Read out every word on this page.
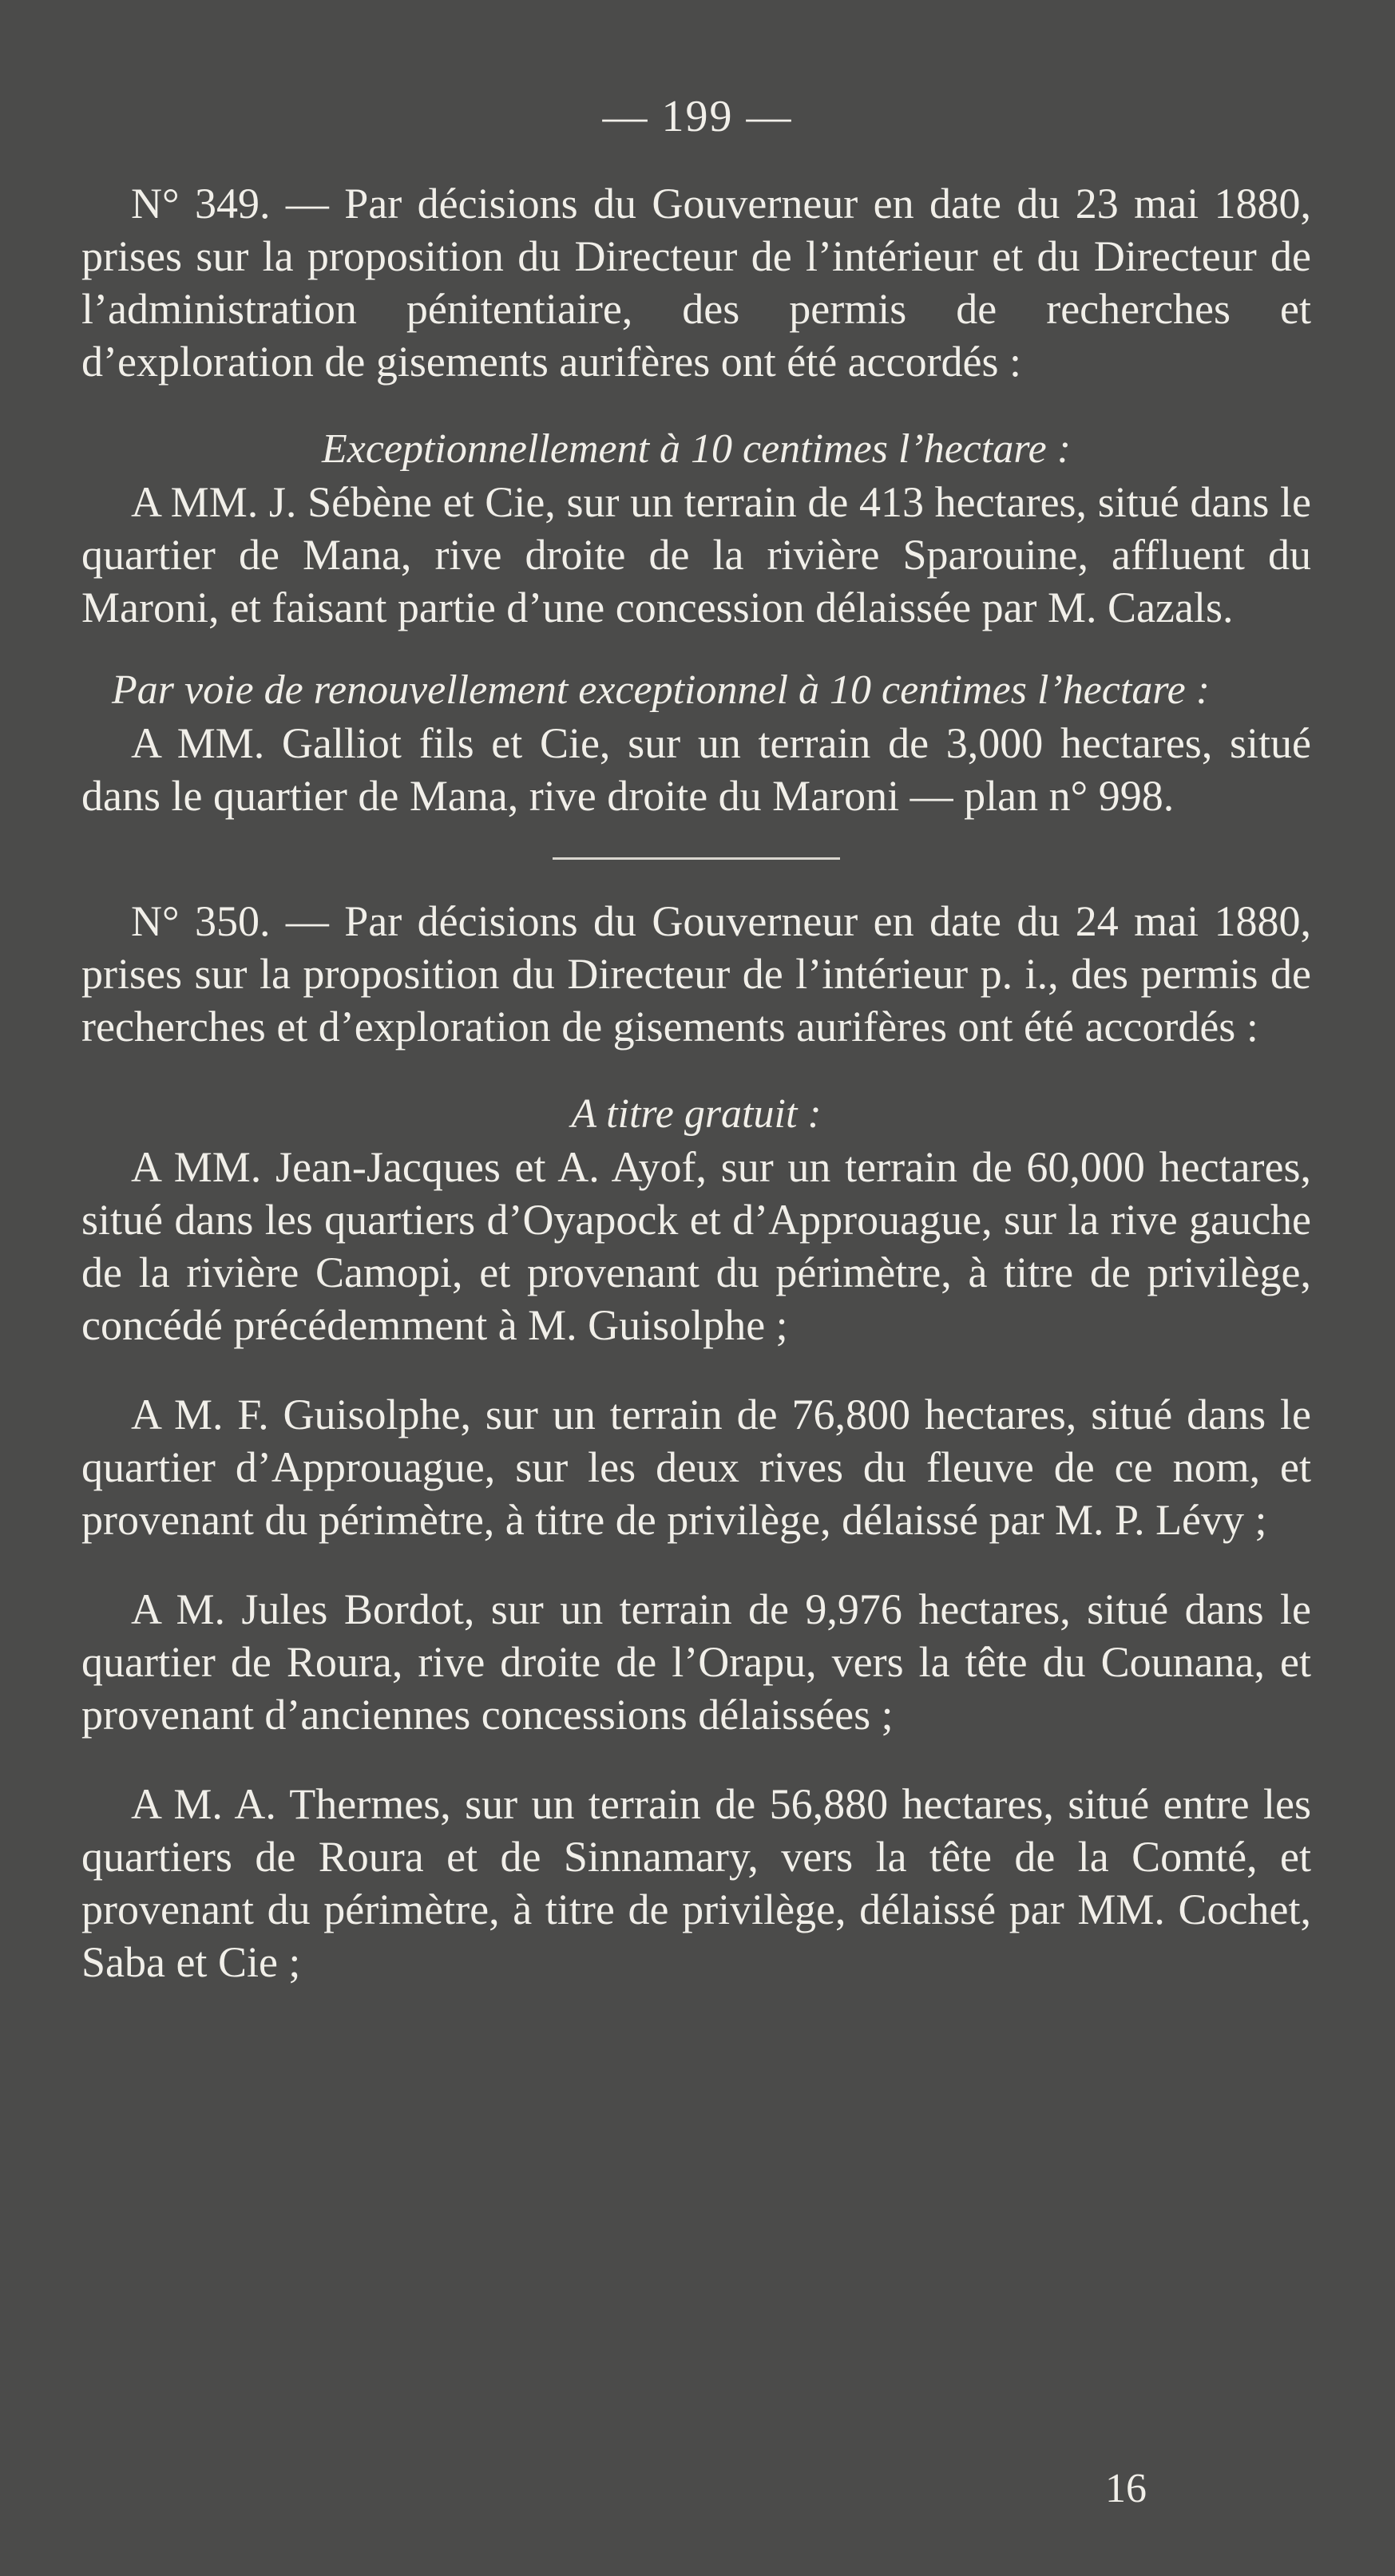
— 199 —

N° 349. — Par décisions du Gouverneur en date du 23 mai 1880, prises sur la proposition du Directeur de l’intérieur et du Directeur de l’administration pénitentiaire, des permis de recherches et d’exploration de gisements aurifères ont été accordés :

Exceptionnellement à 10 centimes l’hectare :

A MM. J. Sébène et Cie, sur un terrain de 413 hectares, situé dans le quartier de Mana, rive droite de la rivière Sparouine, affluent du Maroni, et faisant partie d’une concession délaissée par M. Cazals.

Par voie de renouvellement exceptionnel à 10 centimes l’hectare :

A MM. Galliot fils et Cie, sur un terrain de 3,000 hectares, situé dans le quartier de Mana, rive droite du Maroni — plan n° 998.

N° 350. — Par décisions du Gouverneur en date du 24 mai 1880, prises sur la proposition du Directeur de l’intérieur p. i., des permis de recherches et d’exploration de gisements aurifères ont été accordés :

A titre gratuit :

A MM. Jean-Jacques et A. Ayof, sur un terrain de 60,000 hectares, situé dans les quartiers d’Oyapock et d’Approuague, sur la rive gauche de la rivière Camopi, et provenant du périmètre, à titre de privilège, concédé précédemment à M. Guisolphe ;

A M. F. Guisolphe, sur un terrain de 76,800 hectares, situé dans le quartier d’Approuague, sur les deux rives du fleuve de ce nom, et provenant du périmètre, à titre de privilège, délaissé par M. P. Lévy ;

A M. Jules Bordot, sur un terrain de 9,976 hectares, situé dans le quartier de Roura, rive droite de l’Orapu, vers la tête du Counana, et provenant d’anciennes concessions délaissées ;

A M. A. Thermes, sur un terrain de 56,880 hectares, situé entre les quartiers de Roura et de Sinnamary, vers la tête de la Comté, et provenant du périmètre, à titre de privilège, délaissé par MM. Cochet, Saba et Cie ;

16
